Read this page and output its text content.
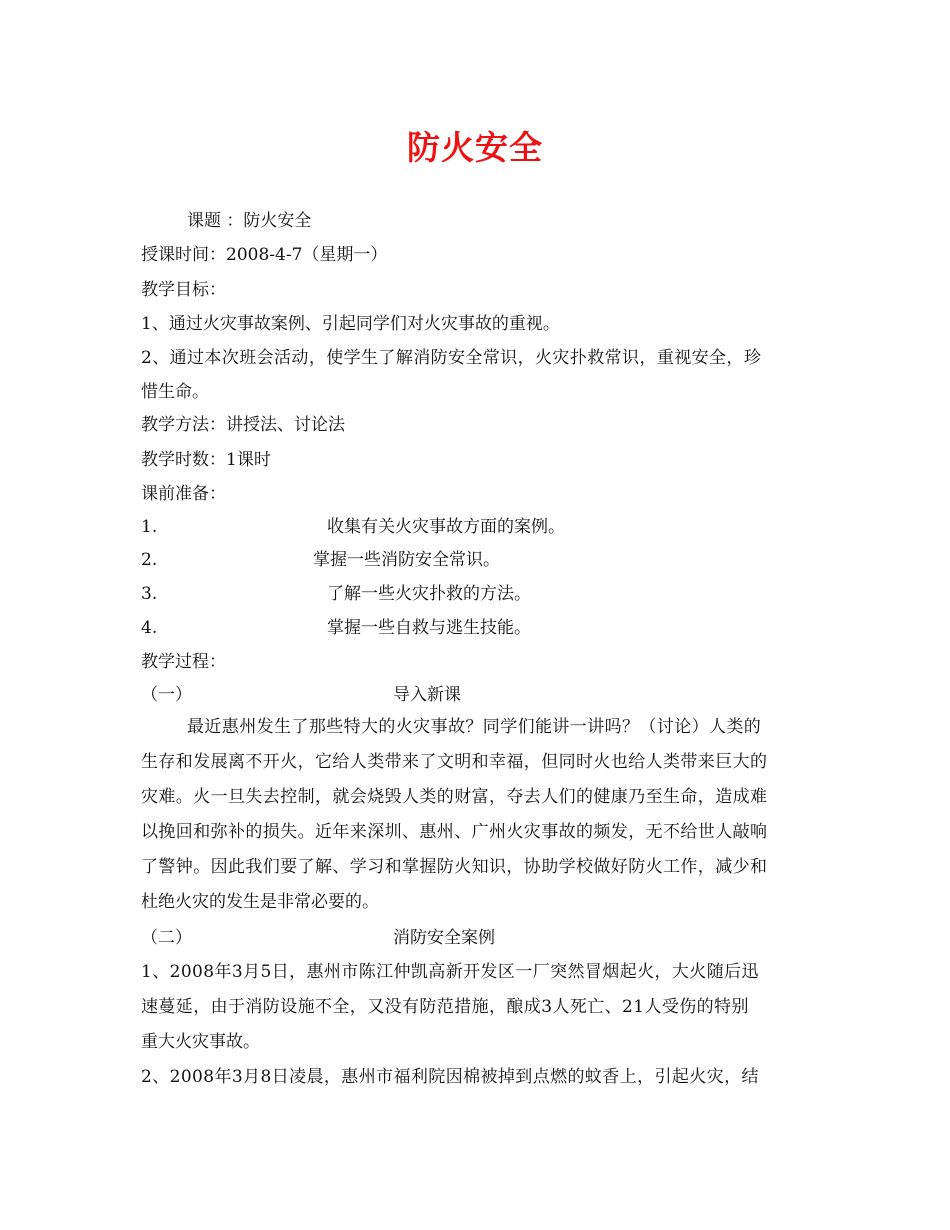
防火安全
课题 ：防火安全
授课时间：2008-4-7（星期一）
教学目标：
1、通过火灾事故案例、引起同学们对火灾事故的重视。
2、通过本次班会活动，使学生了解消防安全常识，火灾扑救常识，重视安全，珍
惜生命。
教学方法：讲授法、讨论法
教学时数：1课时
课前准备：
1.	收集有关火灾事故方面的案例。
2.	掌握一些消防安全常识。
3.	了解一些火灾扑救的方法。
4.	掌握一些自救与逃生技能。
教学过程：
（一）	导入新课
最近惠州发生了那些特大的火灾事故？同学们能讲一讲吗？（讨论）人类的
生存和发展离不开火，它给人类带来了文明和幸福，但同时火也给人类带来巨大的
灾难。火一旦失去控制，就会烧毁人类的财富，夺去人们的健康乃至生命，造成难
以挽回和弥补的损失。近年来深圳、惠州、广州火灾事故的频发，无不给世人敲响
了警钟。因此我们要了解、学习和掌握防火知识，协助学校做好防火工作，减少和
杜绝火灾的发生是非常必要的。
（二）	消防安全案例
1、2008年3月5日，惠州市陈江仲凯高新开发区一厂突然冒烟起火，大火随后迅
速蔓延，由于消防设施不全，又没有防范措施，酿成3人死亡、21人受伤的特别
重大火灾事故。
2、2008年3月8日凌晨，惠州市福利院因棉被掉到点燃的蚊香上，引起火灾，结
